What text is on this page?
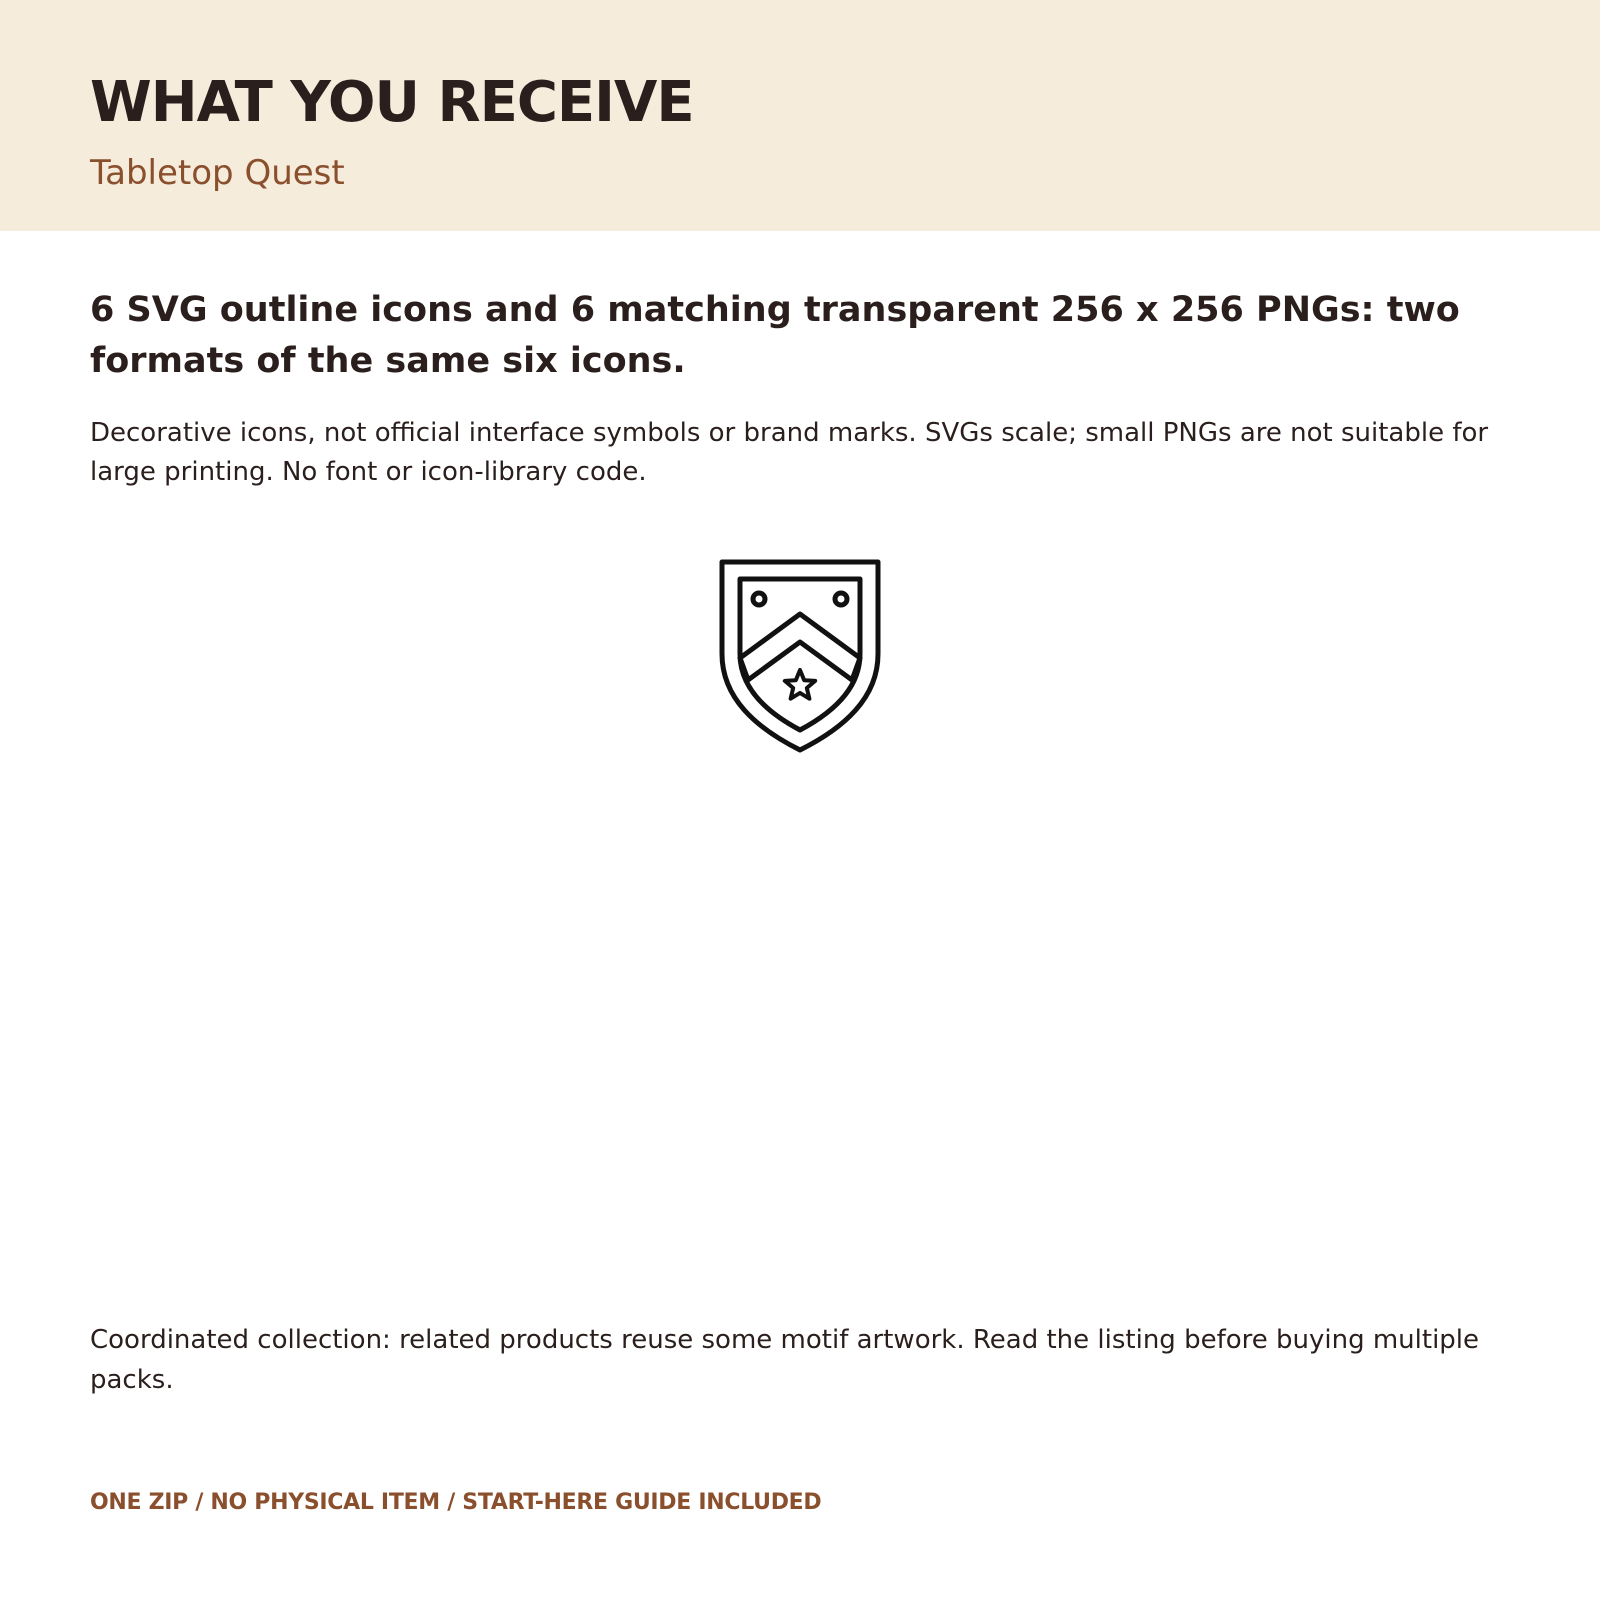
WHAT YOU RECEIVE
Tabletop Quest
6 SVG outline icons and 6 matching transparent 256 x 256 PNGs: two formats of the same six icons.
Decorative icons, not official interface symbols or brand marks. SVGs scale; small PNGs are not suitable for large printing. No font or icon-library code.
Coordinated collection: related products reuse some motif artwork. Read the listing before buying multiple packs.
ONE ZIP / NO PHYSICAL ITEM / START-HERE GUIDE INCLUDED
